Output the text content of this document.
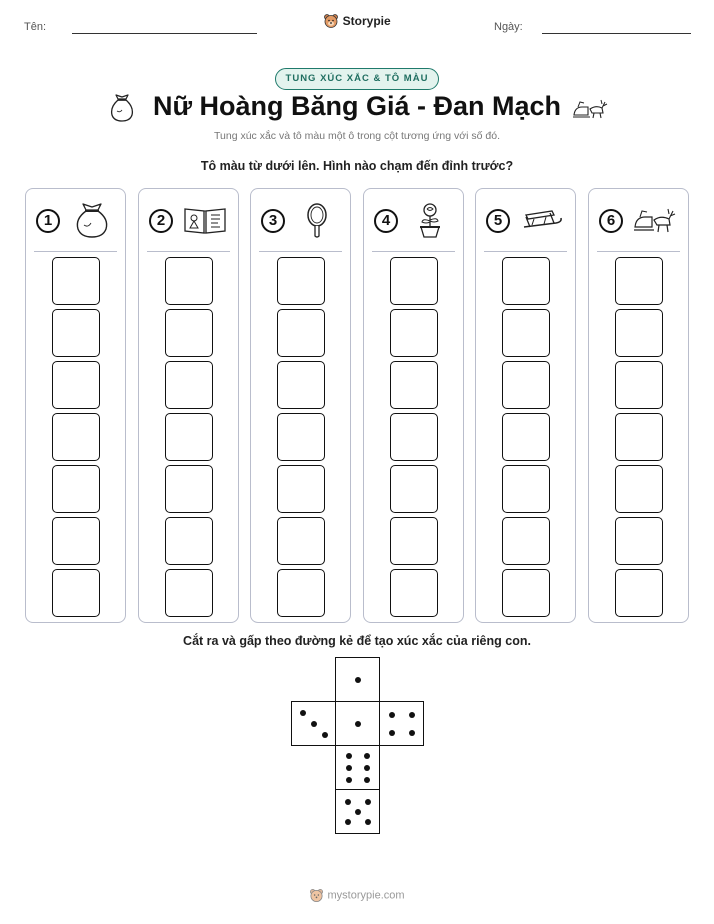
Tên:	Storypie	Ngày:
TUNG XÚC XẮC & TÔ MÀU
Nữ Hoàng Băng Giá - Đan Mạch
Tung xúc xắc và tô màu một ô trong cột tương ứng với số đó.
Tô màu từ dưới lên. Hình nào chạm đến đỉnh trước?
1	2	3	4	5	6
Cắt ra và gấp theo đường kẻ để tạo xúc xắc của riêng con.
mystorypie.com
